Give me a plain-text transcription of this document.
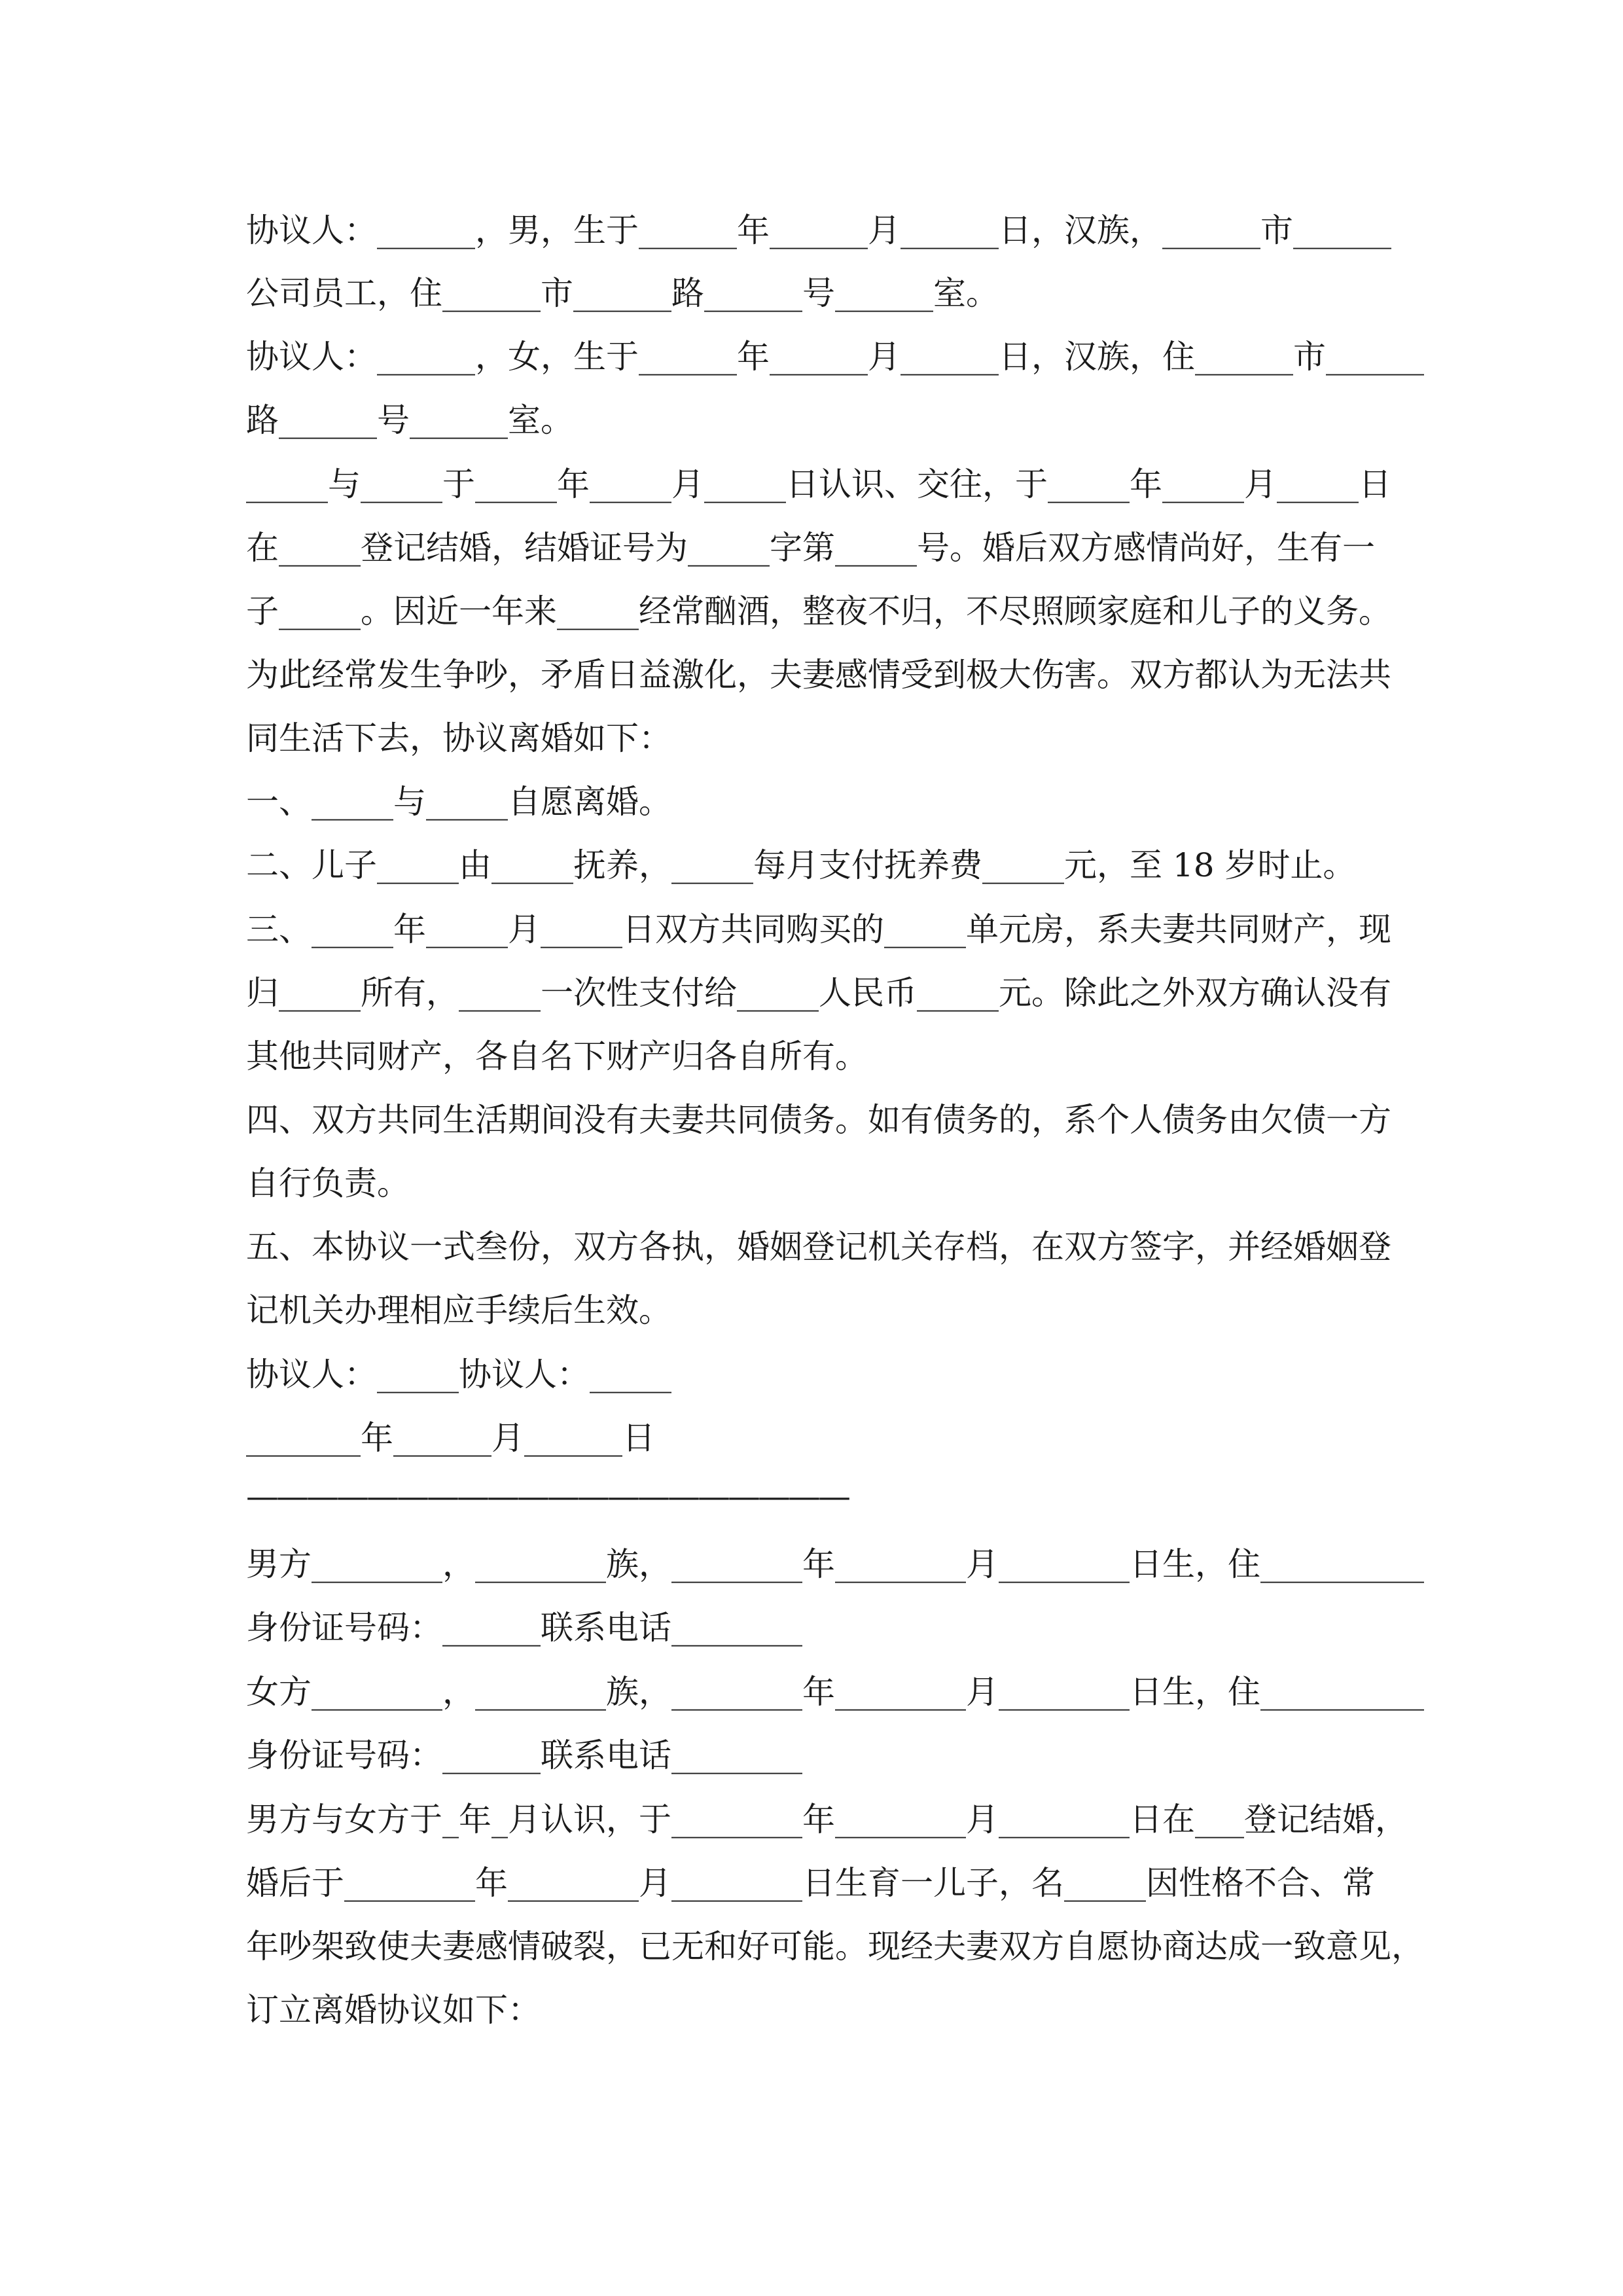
协议人：______，男，生于______年______月______日，汉族，______市______

公司员工，住______市______路______号______室。

协议人：______，女，生于______年______月______日，汉族，住______市______

路______号______室。

_____与_____于_____年_____月_____日认识、交往，于_____年_____月_____日

在_____登记结婚，结婚证号为_____字第_____号。婚后双方感情尚好，生有一

子_____。因近一年来_____经常酗酒，整夜不归，不尽照顾家庭和儿子的义务。

为此经常发生争吵，矛盾日益激化，夫妻感情受到极大伤害。双方都认为无法共

同生活下去，协议离婚如下：

一、_____与_____自愿离婚。

二、儿子_____由_____抚养，_____每月支付抚养费_____元，至 18 岁时止。

三、_____年_____月_____日双方共同购买的_____单元房，系夫妻共同财产，现

归_____所有，_____一次性支付给_____人民币_____元。除此之外双方确认没有

其他共同财产，各自名下财产归各自所有。

四、双方共同生活期间没有夫妻共同债务。如有债务的，系个人债务由欠债一方

自行负责。

五、本协议一式叁份，双方各执，婚姻登记机关存档，在双方签字，并经婚姻登

记机关办理相应手续后生效。

协议人：_____协议人：_____

_______年______月______日

————————————————————

男方________，________族，________年________月________日生，住__________

身份证号码：______联系电话________

女方________，________族，________年________月________日生，住__________

身份证号码：______联系电话________

男方与女方于_年_月认识，于________年________月________日在___登记结婚，

婚后于________年________月________日生育一儿子，名_____因性格不合、常

年吵架致使夫妻感情破裂，已无和好可能。现经夫妻双方自愿协商达成一致意见，

订立离婚协议如下：
